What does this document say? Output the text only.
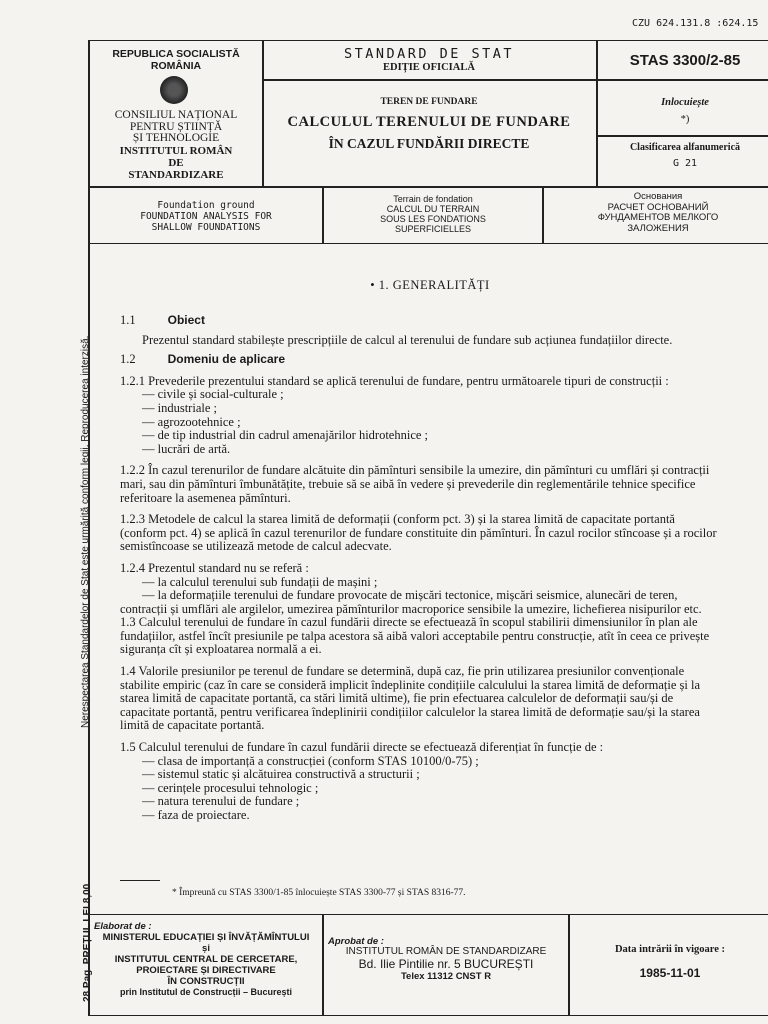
CZU 624.131.8 :624.15
REPUBLICA SOCIALISTĂ
ROMÂNIA
CONSILIUL NAȚIONAL
PENTRU ȘTIINȚĂ
ȘI TEHNOLOGIE
INSTITUTUL ROMÂN
DE
STANDARDIZARE
STANDARD DE STAT
EDIȚIE OFICIALĂ	STAS 3300/2-85
TEREN DE FUNDARE
CALCULUL TERENULUI DE FUNDARE
ÎN CAZUL FUNDĂRII DIRECTE
Inlocuiește
*)
Clasificarea alfanumerică
G 21
Foundation ground
FOUNDATION ANALYSIS FOR
SHALLOW FOUNDATIONS
Terrain de fondation
CALCUL DU TERRAIN
SOUS LES FONDATIONS
SUPERFICIELLES
Основания
РАСЧЕТ ОСНОВАНИЙ
ФУНДАМЕНТОВ МЕЛКОГО
ЗАЛОЖЕНИЯ
• 1. GENERALITĂȚI
1.1	Obiect

Prezentul standard stabilește prescripțiile de calcul al terenului de fundare sub acțiunea fundațiilor directe.

1.2	Domeniu de aplicare

1.2.1 Prevederile prezentului standard se aplică terenului de fundare, pentru următoarele tipuri de construcții :

— civile și social-culturale ;
— industriale ;
— agrozootehnice ;
— de tip industrial din cadrul amenajărilor hidrotehnice ;
— lucrări de artă.

1.2.2 În cazul terenurilor de fundare alcătuite din pămînturi sensibile la umezire, din pămînturi cu umflări și contracții mari, sau din pămînturi îmbunătățite, trebuie să se aibă în vedere și prevederile din reglementările tehnice specifice referitoare la asemenea pămînturi.

1.2.3 Metodele de calcul la starea limită de deformații (conform pct. 3) și la starea limită de capacitate portantă (conform pct. 4) se aplică în cazul terenurilor de fundare constituite din pămînturi. În cazul rocilor stîncoase și a rocilor semistîncoase se utilizează metode de calcul adecvate.

1.2.4 Prezentul standard nu se referă :

— la calculul terenului sub fundații de mașini ;
— la deformațiile terenului de fundare provocate de mișcări tectonice, mișcări seismice, alunecări de teren, contracții și umflări ale argilelor, umezirea pămînturilor macroporice sensibile la umezire, lichefierea nisipurilor etc.

1.3 Calculul terenului de fundare în cazul fundării directe se efectuează în scopul stabilirii dimensiunilor în plan ale fundațiilor, astfel încît presiunile pe talpa acestora să aibă valori acceptabile pentru construcție, atît în ceea ce privește siguranța cît și exploatarea normală a ei.

1.4 Valorile presiunilor pe terenul de fundare se determină, după caz, fie prin utilizarea presiunilor convenționale stabilite empiric (caz în care se consideră implicit îndeplinite condițiile calculului la starea limită de deformație și la starea limită de capacitate portantă, ca stări limită ultime), fie prin efectuarea calculelor de deformații sau/și de capacitate portantă, pentru verificarea îndeplinirii condițiilor calculelor la starea limită de deformație sau/și la starea limită de capacitate portantă.

1.5 Calculul terenului de fundare în cazul fundării directe se efectuează diferențiat în funcție de :

— clasa de importanță a construcției (conform STAS 10100/0-75) ;
— sistemul static și alcătuirea constructivă a structurii ;
— cerințele procesului tehnologic ;
— natura terenului de fundare ;
— faza de proiectare.
* Împreună cu STAS 3300/1-85 înlocuiește STAS 3300-77 și STAS 8316-77.
Nerespectarea Standardelor de Stat este urmărită conform legii. Reproducerea interzisă.
28 Pag. PREȚUL LEI 8,00 Elaborat de :
MINISTERUL EDUCAȚIEI ȘI ÎNVĂȚĂMÎNTULUI
și
INSTITUTUL CENTRAL DE CERCETARE,
PROIECTARE ȘI DIRECTIVARE
ÎN CONSTRUCȚII
prin Institutul de Construcții – București
Aprobat de :
INSTITUTUL ROMÂN DE STANDARDIZARE
Bd. Ilie Pintilie nr. 5 BUCUREȘTI
Telex 11312 CNST R
Data intrării în vigoare :
1985-11-01
